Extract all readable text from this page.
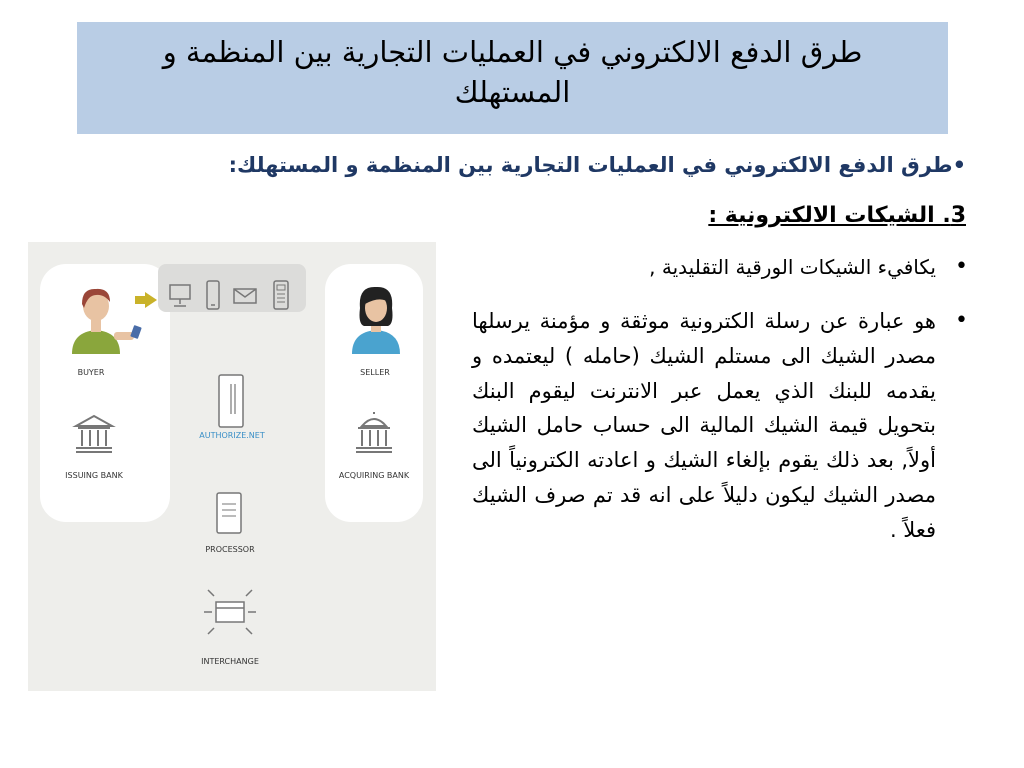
طرق الدفع الالكتروني في العمليات التجارية بين المنظمة و المستهلك
•طرق الدفع الالكتروني في العمليات التجارية بين المنظمة و المستهلك:
3. الشيكات الالكترونية :
•
يكافيء الشيكات الورقية التقليدية ,
•
هو عبارة عن رسلة الكترونية موثقة و مؤمنة يرسلها مصدر الشيك الى مستلم الشيك (حامله ) ليعتمده و يقدمه للبنك الذي يعمل عبر الانترنت ليقوم البنك بتحويل قيمة الشيك المالية الى حساب حامل الشيك أولاً, بعد ذلك يقوم بإلغاء الشيك و اعادته الكترونياً الى مصدر الشيك ليكون دليلاً على انه قد تم صرف الشيك فعلاً .
BUYER	SELLER
ISSUING BANK	ACQUIRING BANK
AUTHORIZE.NET
PROCESSOR
INTERCHANGE
